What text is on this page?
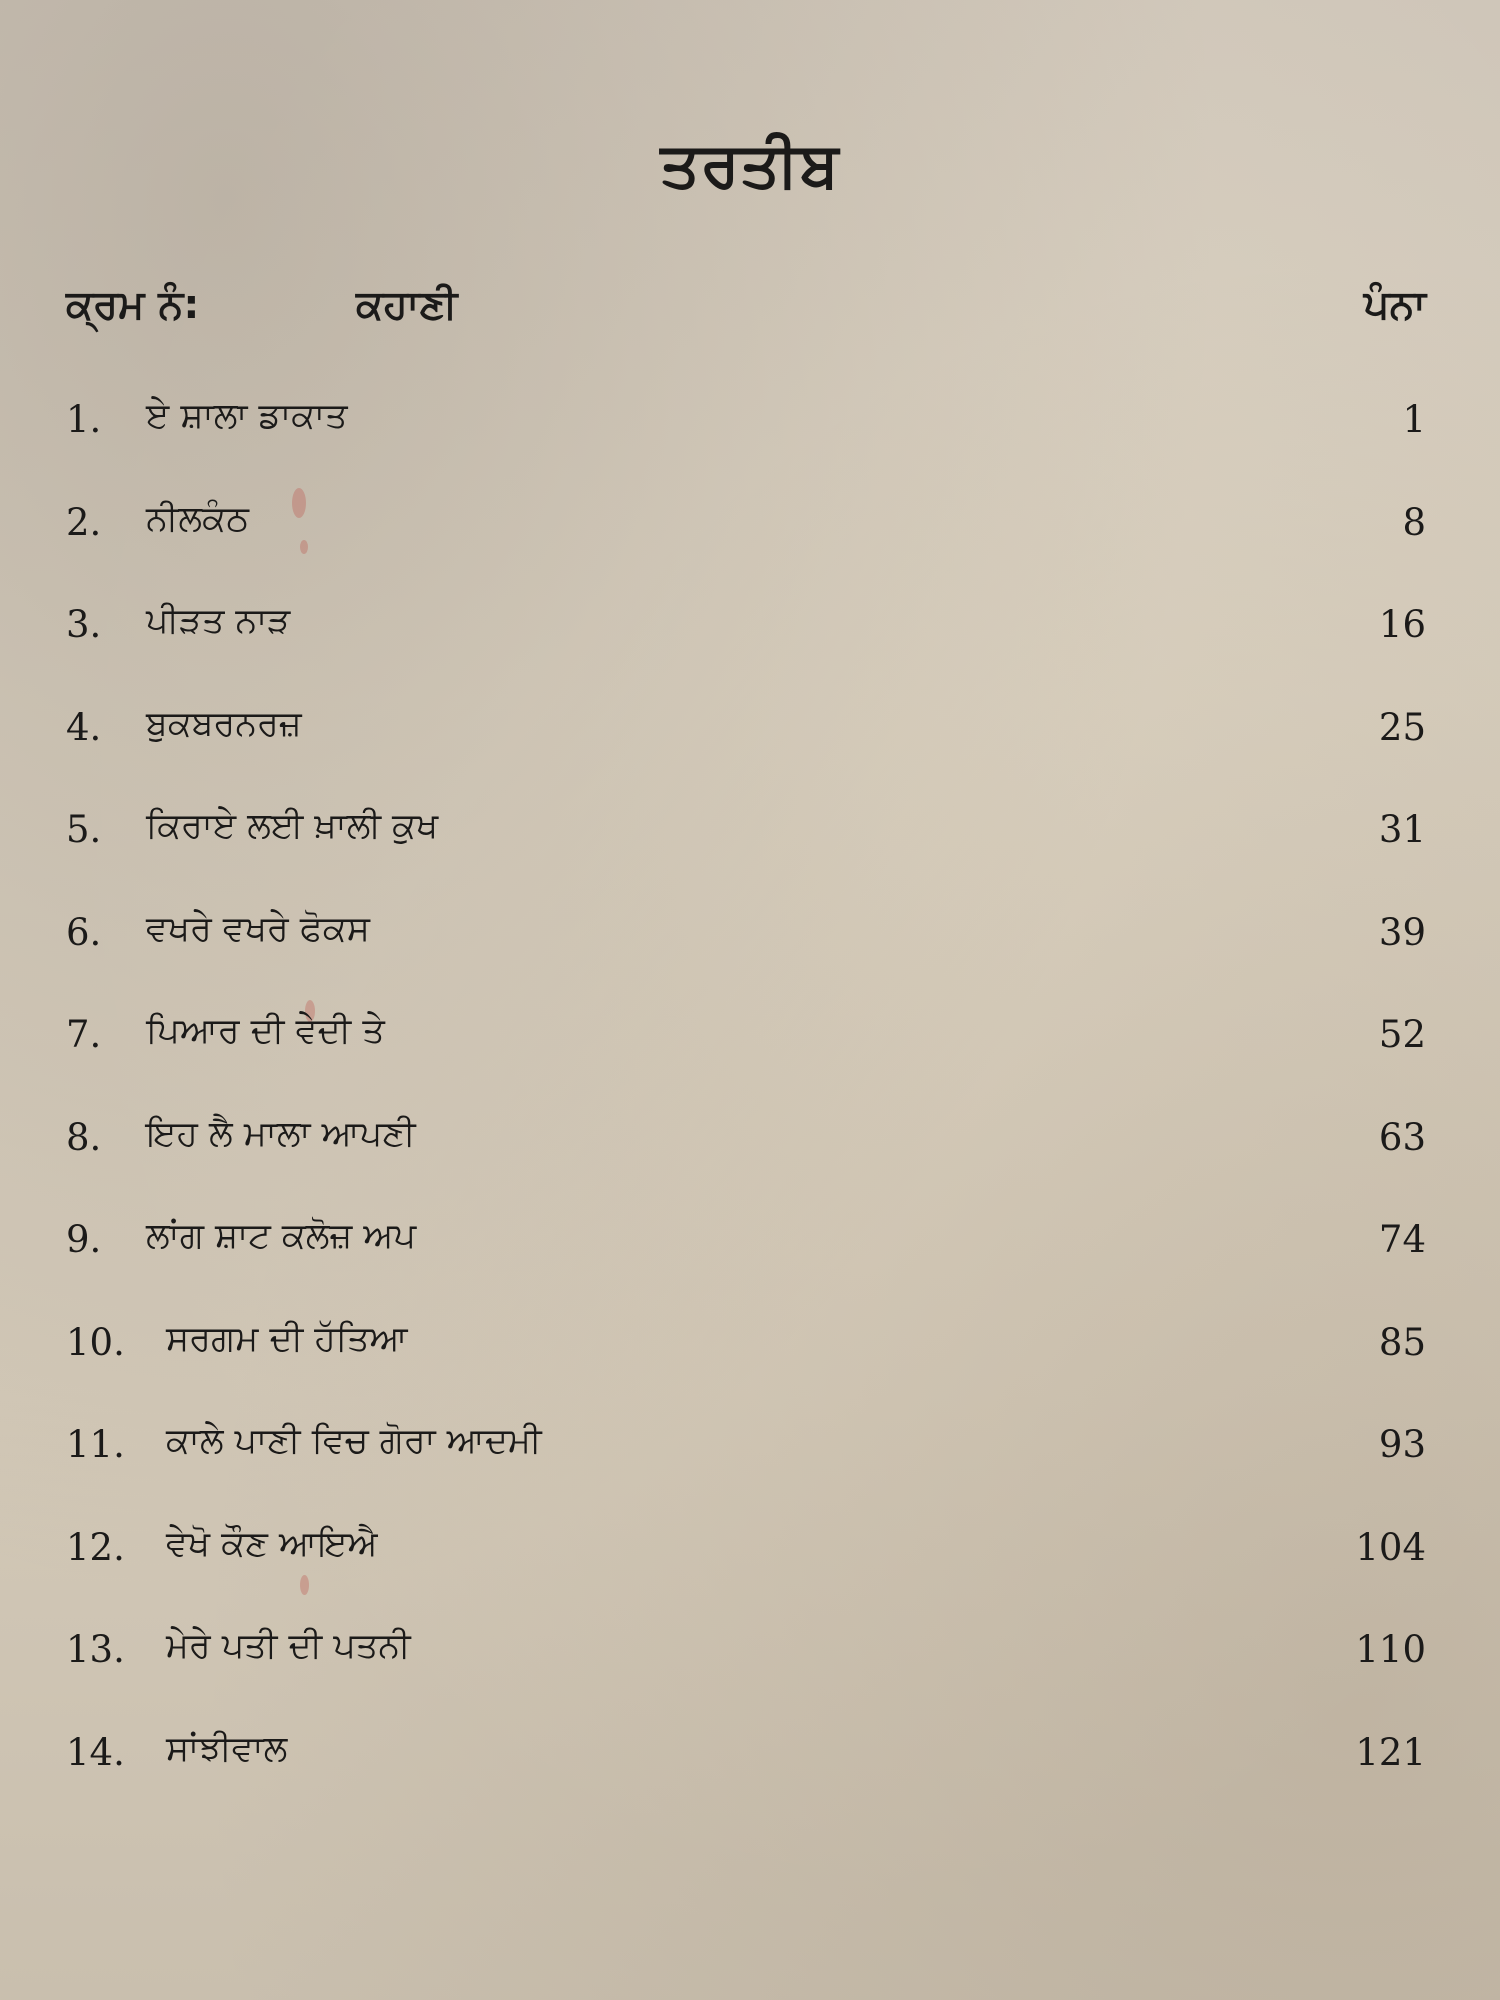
ਤਰਤੀਬ
ਕ੍ਰਮ ਨੰ:	ਕਹਾਣੀ	ਪੰਨਾ
1. ਏ ਸ਼ਾਲਾ ਡਾਕਾਤ	1
2. ਨੀਲਕੰਠ	8
3. ਪੀੜਤ ਨਾੜ	16
4. ਬੁਕਬਰਨਰਜ਼	25
5. ਕਿਰਾਏ ਲਈ ਖ਼ਾਲੀ ਕੁਖ	31
6. ਵਖਰੇ ਵਖਰੇ ਫੋਕਸ	39
7. ਪਿਆਰ ਦੀ ਵੇਦੀ ਤੇ	52
8. ਇਹ ਲੈ ਮਾਲਾ ਆਪਣੀ	63
9. ਲਾਂਗ ਸ਼ਾਟ ਕਲੋਜ਼ ਅਪ	74
10. ਸਰਗਮ ਦੀ ਹੱਤਿਆ	85
11. ਕਾਲੇ ਪਾਣੀ ਵਿਚ ਗੋਰਾ ਆਦਮੀ	93
12. ਵੇਖੋ ਕੌਣ ਆਇਐ	104
13. ਮੇਰੇ ਪਤੀ ਦੀ ਪਤਨੀ	110
14. ਸਾਂਝੀਵਾਲ	121
